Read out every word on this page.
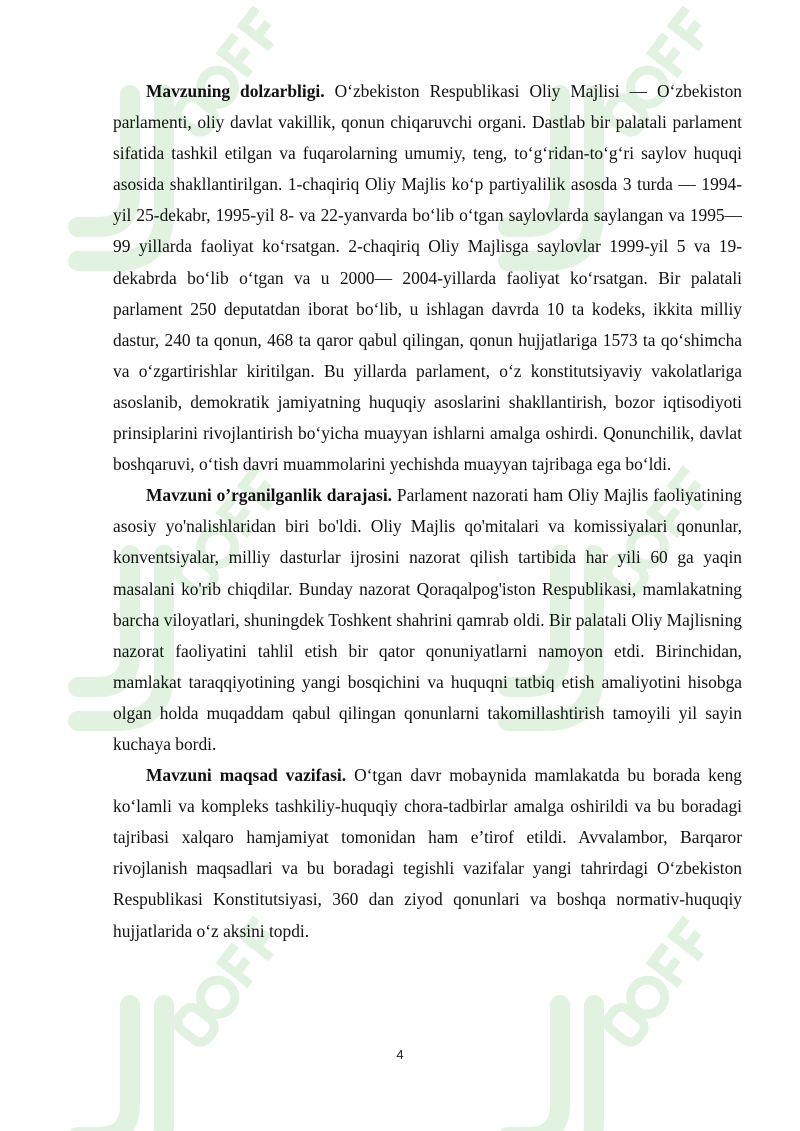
Mavzuning dolzarbligi. O‘zbekiston Respublikasi Oliy Majlisi — O‘zbekiston parlamenti, oliy davlat vakillik, qonun chiqaruvchi organi. Dastlab bir palatali parlament sifatida tashkil etilgan va fuqarolarning umumiy, teng, to‘g‘ridan-to‘g‘ri saylov huquqi asosida shakllantirilgan. 1-chaqiriq Oliy Majlis ko‘p partiyalilik asosda 3 turda — 1994-yil 25-dekabr, 1995-yil 8- va 22-yanvarda bo‘lib o‘tgan saylovlarda saylangan va 1995—99 yillarda faoliyat ko‘rsatgan. 2-chaqiriq Oliy Majlisga saylovlar 1999-yil 5 va 19-dekabrda bo‘lib o‘tgan va u 2000— 2004-yillarda faoliyat ko‘rsatgan. Bir palatali parlament 250 deputatdan iborat bo‘lib, u ishlagan davrda 10 ta kodeks, ikkita milliy dastur, 240 ta qonun, 468 ta qaror qabul qilingan, qonun hujjatlariga 1573 ta qo‘shimcha va o‘zgartirishlar kiritilgan. Bu yillarda parlament, o‘z konstitutsiyaviy vakolatlariga asoslanib, demokratik jamiyatning huquqiy asoslarini shakllantirish, bozor iqtisodiyoti prinsiplarini rivojlantirish bo‘yicha muayyan ishlarni amalga oshirdi. Qonunchilik, davlat boshqaruvi, o‘tish davri muammolarini yechishda muayyan tajribaga ega bo‘ldi.

Mavzuni o’rganilganlik darajasi. Parlament nazorati ham Oliy Majlis faoliyatining asosiy yo'nalishlaridan biri bo'ldi. Oliy Majlis qo'mitalari va komissiyalari qonunlar, konventsiyalar, milliy dasturlar ijrosini nazorat qilish tartibida har yili 60 ga yaqin masalani ko'rib chiqdilar. Bunday nazorat Qoraqalpog'iston Respublikasi, mamlakatning barcha viloyatlari, shuningdek Toshkent shahrini qamrab oldi. Bir palatali Oliy Majlisning nazorat faoliyatini tahlil etish bir qator qonuniyatlarni namoyon etdi. Birinchidan, mamlakat taraqqiyotining yangi bosqichini va huquqni tatbiq etish amaliyotini hisobga olgan holda muqaddam qabul qilingan qonunlarni takomillashtirish tamoyili yil sayin kuchaya bordi.

Mavzuni maqsad vazifasi. O‘tgan davr mobaynida mamlakatda bu borada keng ko‘lamli va kompleks tashkiliy-huquqiy chora-tadbirlar amalga oshirildi va bu boradagi tajribasi xalqaro hamjamiyat tomonidan ham e’tirof etildi. Avvalambor, Barqaror rivojlanish maqsadlari va bu boradagi tegishli vazifalar yangi tahrirdagi O‘zbekiston Respublikasi Konstitutsiyasi, 360 dan ziyod qonunlari va boshqa normativ-huquqiy hujjatlarida o‘z aksini topdi.

4
